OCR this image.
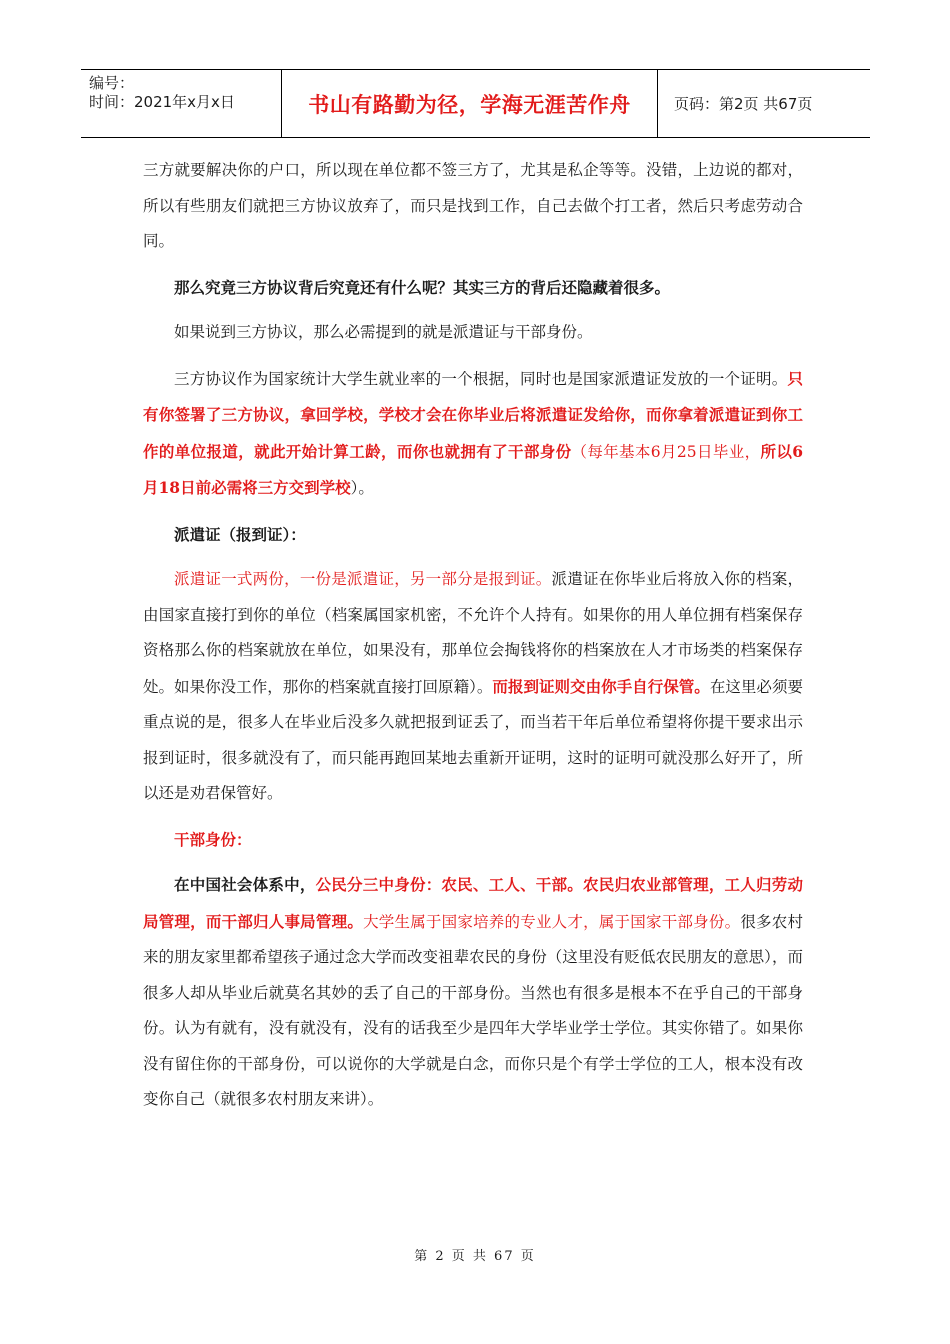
编号：
时间：2021年x月x日	书山有路勤为径，学海无涯苦作舟	页码：第2页 共67页

三方就要解决你的户口，所以现在单位都不签三方了，尤其是私企等等。没错，上边说的都对，所以有些朋友们就把三方协议放弃了，而只是找到工作，自己去做个打工者，然后只考虑劳动合同。

那么究竟三方协议背后究竟还有什么呢？其实三方的背后还隐藏着很多。

如果说到三方协议，那么必需提到的就是派遣证与干部身份。

三方协议作为国家统计大学生就业率的一个根据，同时也是国家派遣证发放的一个证明。只有你签署了三方协议，拿回学校，学校才会在你毕业后将派遣证发给你，而你拿着派遣证到你工作的单位报道，就此开始计算工龄，而你也就拥有了干部身份（每年基本6月25日毕业，所以6月18日前必需将三方交到学校）。

派遣证（报到证）：

派遣证一式两份，一份是派遣证，另一部分是报到证。派遣证在你毕业后将放入你的档案，由国家直接打到你的单位（档案属国家机密，不允许个人持有。如果你的用人单位拥有档案保存资格那么你的档案就放在单位，如果没有，那单位会掏钱将你的档案放在人才市场类的档案保存处。如果你没工作，那你的档案就直接打回原籍）。而报到证则交由你手自行保管。在这里必须要重点说的是，很多人在毕业后没多久就把报到证丢了，而当若干年后单位希望将你提干要求出示报到证时，很多就没有了，而只能再跑回某地去重新开证明，这时的证明可就没那么好开了，所以还是劝君保管好。

干部身份：

在中国社会体系中，公民分三中身份：农民、工人、干部。农民归农业部管理，工人归劳动局管理，而干部归人事局管理。大学生属于国家培养的专业人才，属于国家干部身份。很多农村来的朋友家里都希望孩子通过念大学而改变祖辈农民的身份（这里没有贬低农民朋友的意思），而很多人却从毕业后就莫名其妙的丢了自己的干部身份。当然也有很多是根本不在乎自己的干部身份。认为有就有，没有就没有，没有的话我至少是四年大学毕业学士学位。其实你错了。如果你没有留住你的干部身份，可以说你的大学就是白念，而你只是个有学士学位的工人，根本没有改变你自己（就很多农村朋友来讲）。

第 2 页 共 67 页
